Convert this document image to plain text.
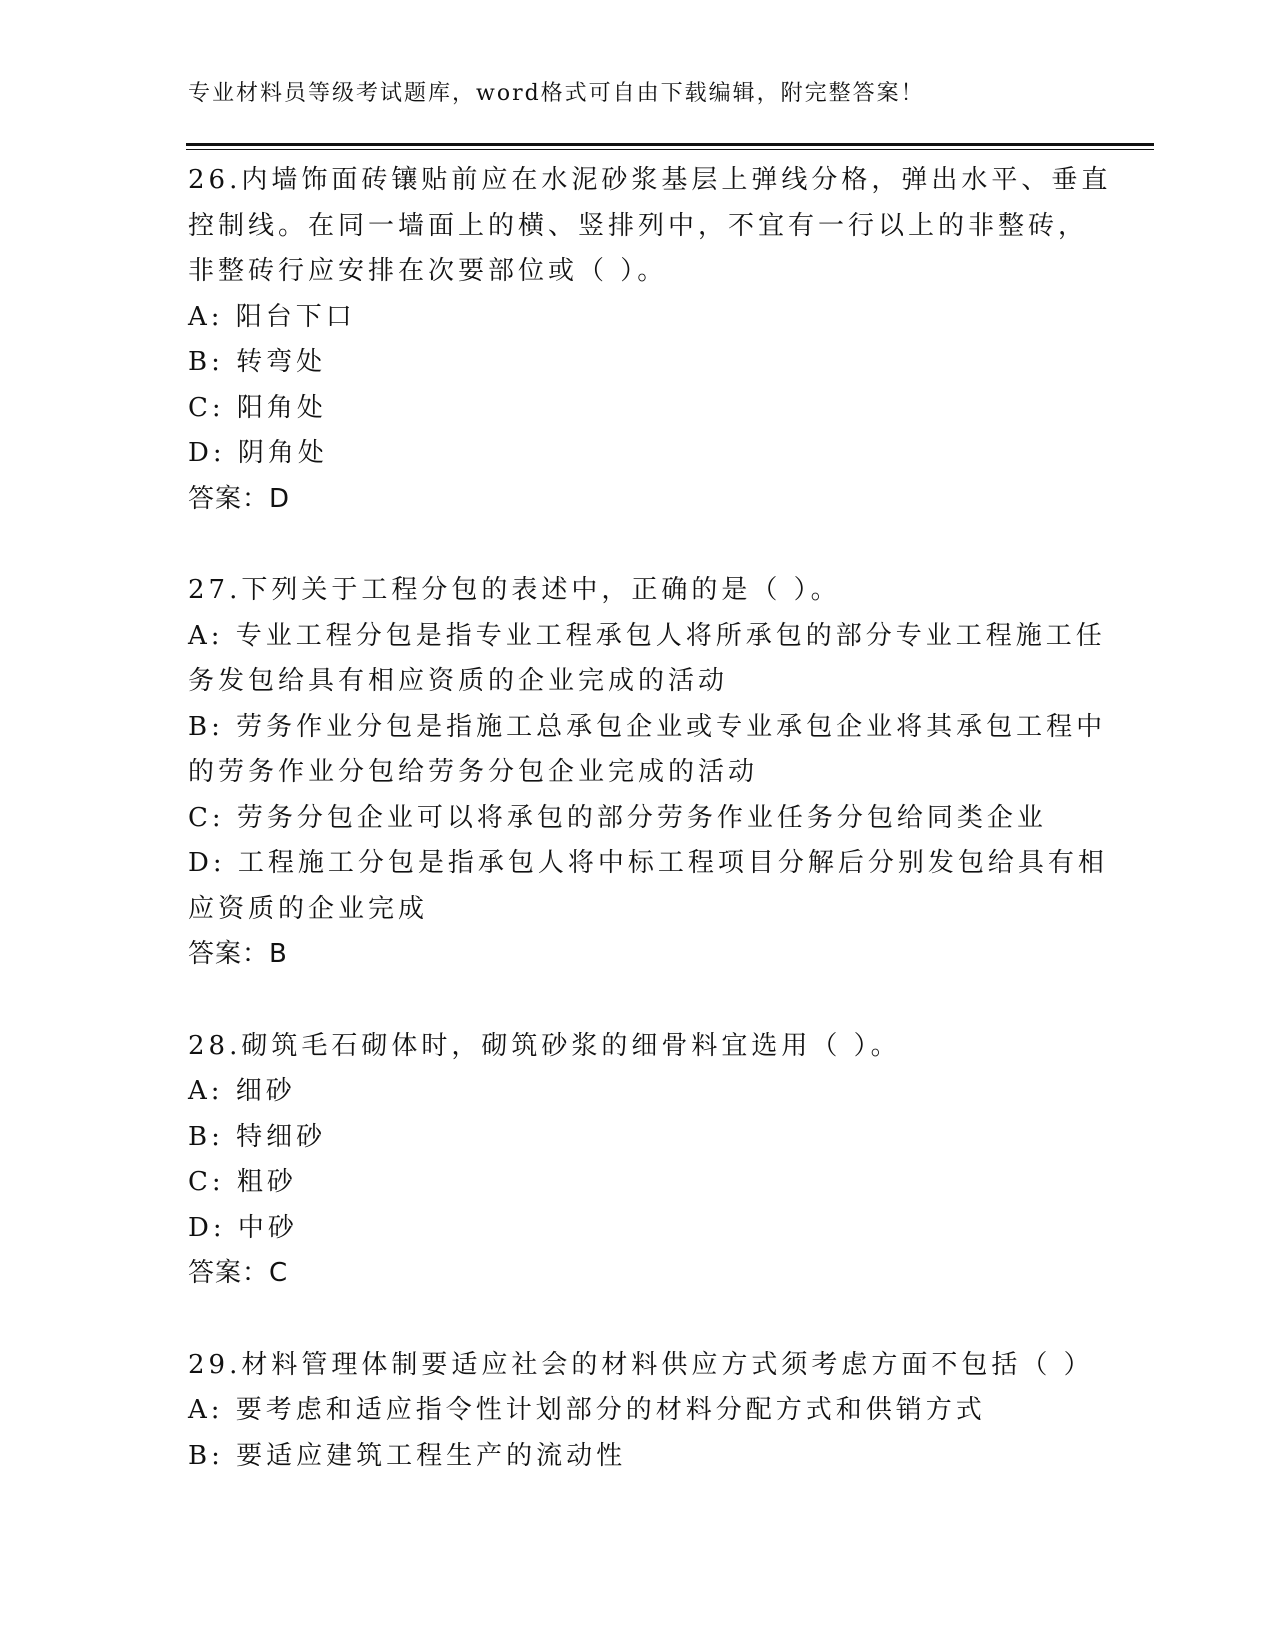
专业材料员等级考试题库，word格式可自由下载编辑，附完整答案！
26.内墙饰面砖镶贴前应在水泥砂浆基层上弹线分格，弹出水平、垂直
控制线。在同一墙面上的横、竖排列中，不宜有一行以上的非整砖，
非整砖行应安排在次要部位或（ ）。
A: 阳台下口
B: 转弯处
C: 阳角处
D: 阴角处
答案：D
27.下列关于工程分包的表述中，正确的是（ ）。
A: 专业工程分包是指专业工程承包人将所承包的部分专业工程施工任
务发包给具有相应资质的企业完成的活动
B: 劳务作业分包是指施工总承包企业或专业承包企业将其承包工程中
的劳务作业分包给劳务分包企业完成的活动
C: 劳务分包企业可以将承包的部分劳务作业任务分包给同类企业
D: 工程施工分包是指承包人将中标工程项目分解后分别发包给具有相
应资质的企业完成
答案：B
28.砌筑毛石砌体时，砌筑砂浆的细骨料宜选用（ ）。
A: 细砂
B: 特细砂
C: 粗砂
D: 中砂
答案：C
29.材料管理体制要适应社会的材料供应方式须考虑方面不包括（ ）
A: 要考虑和适应指令性计划部分的材料分配方式和供销方式
B: 要适应建筑工程生产的流动性
